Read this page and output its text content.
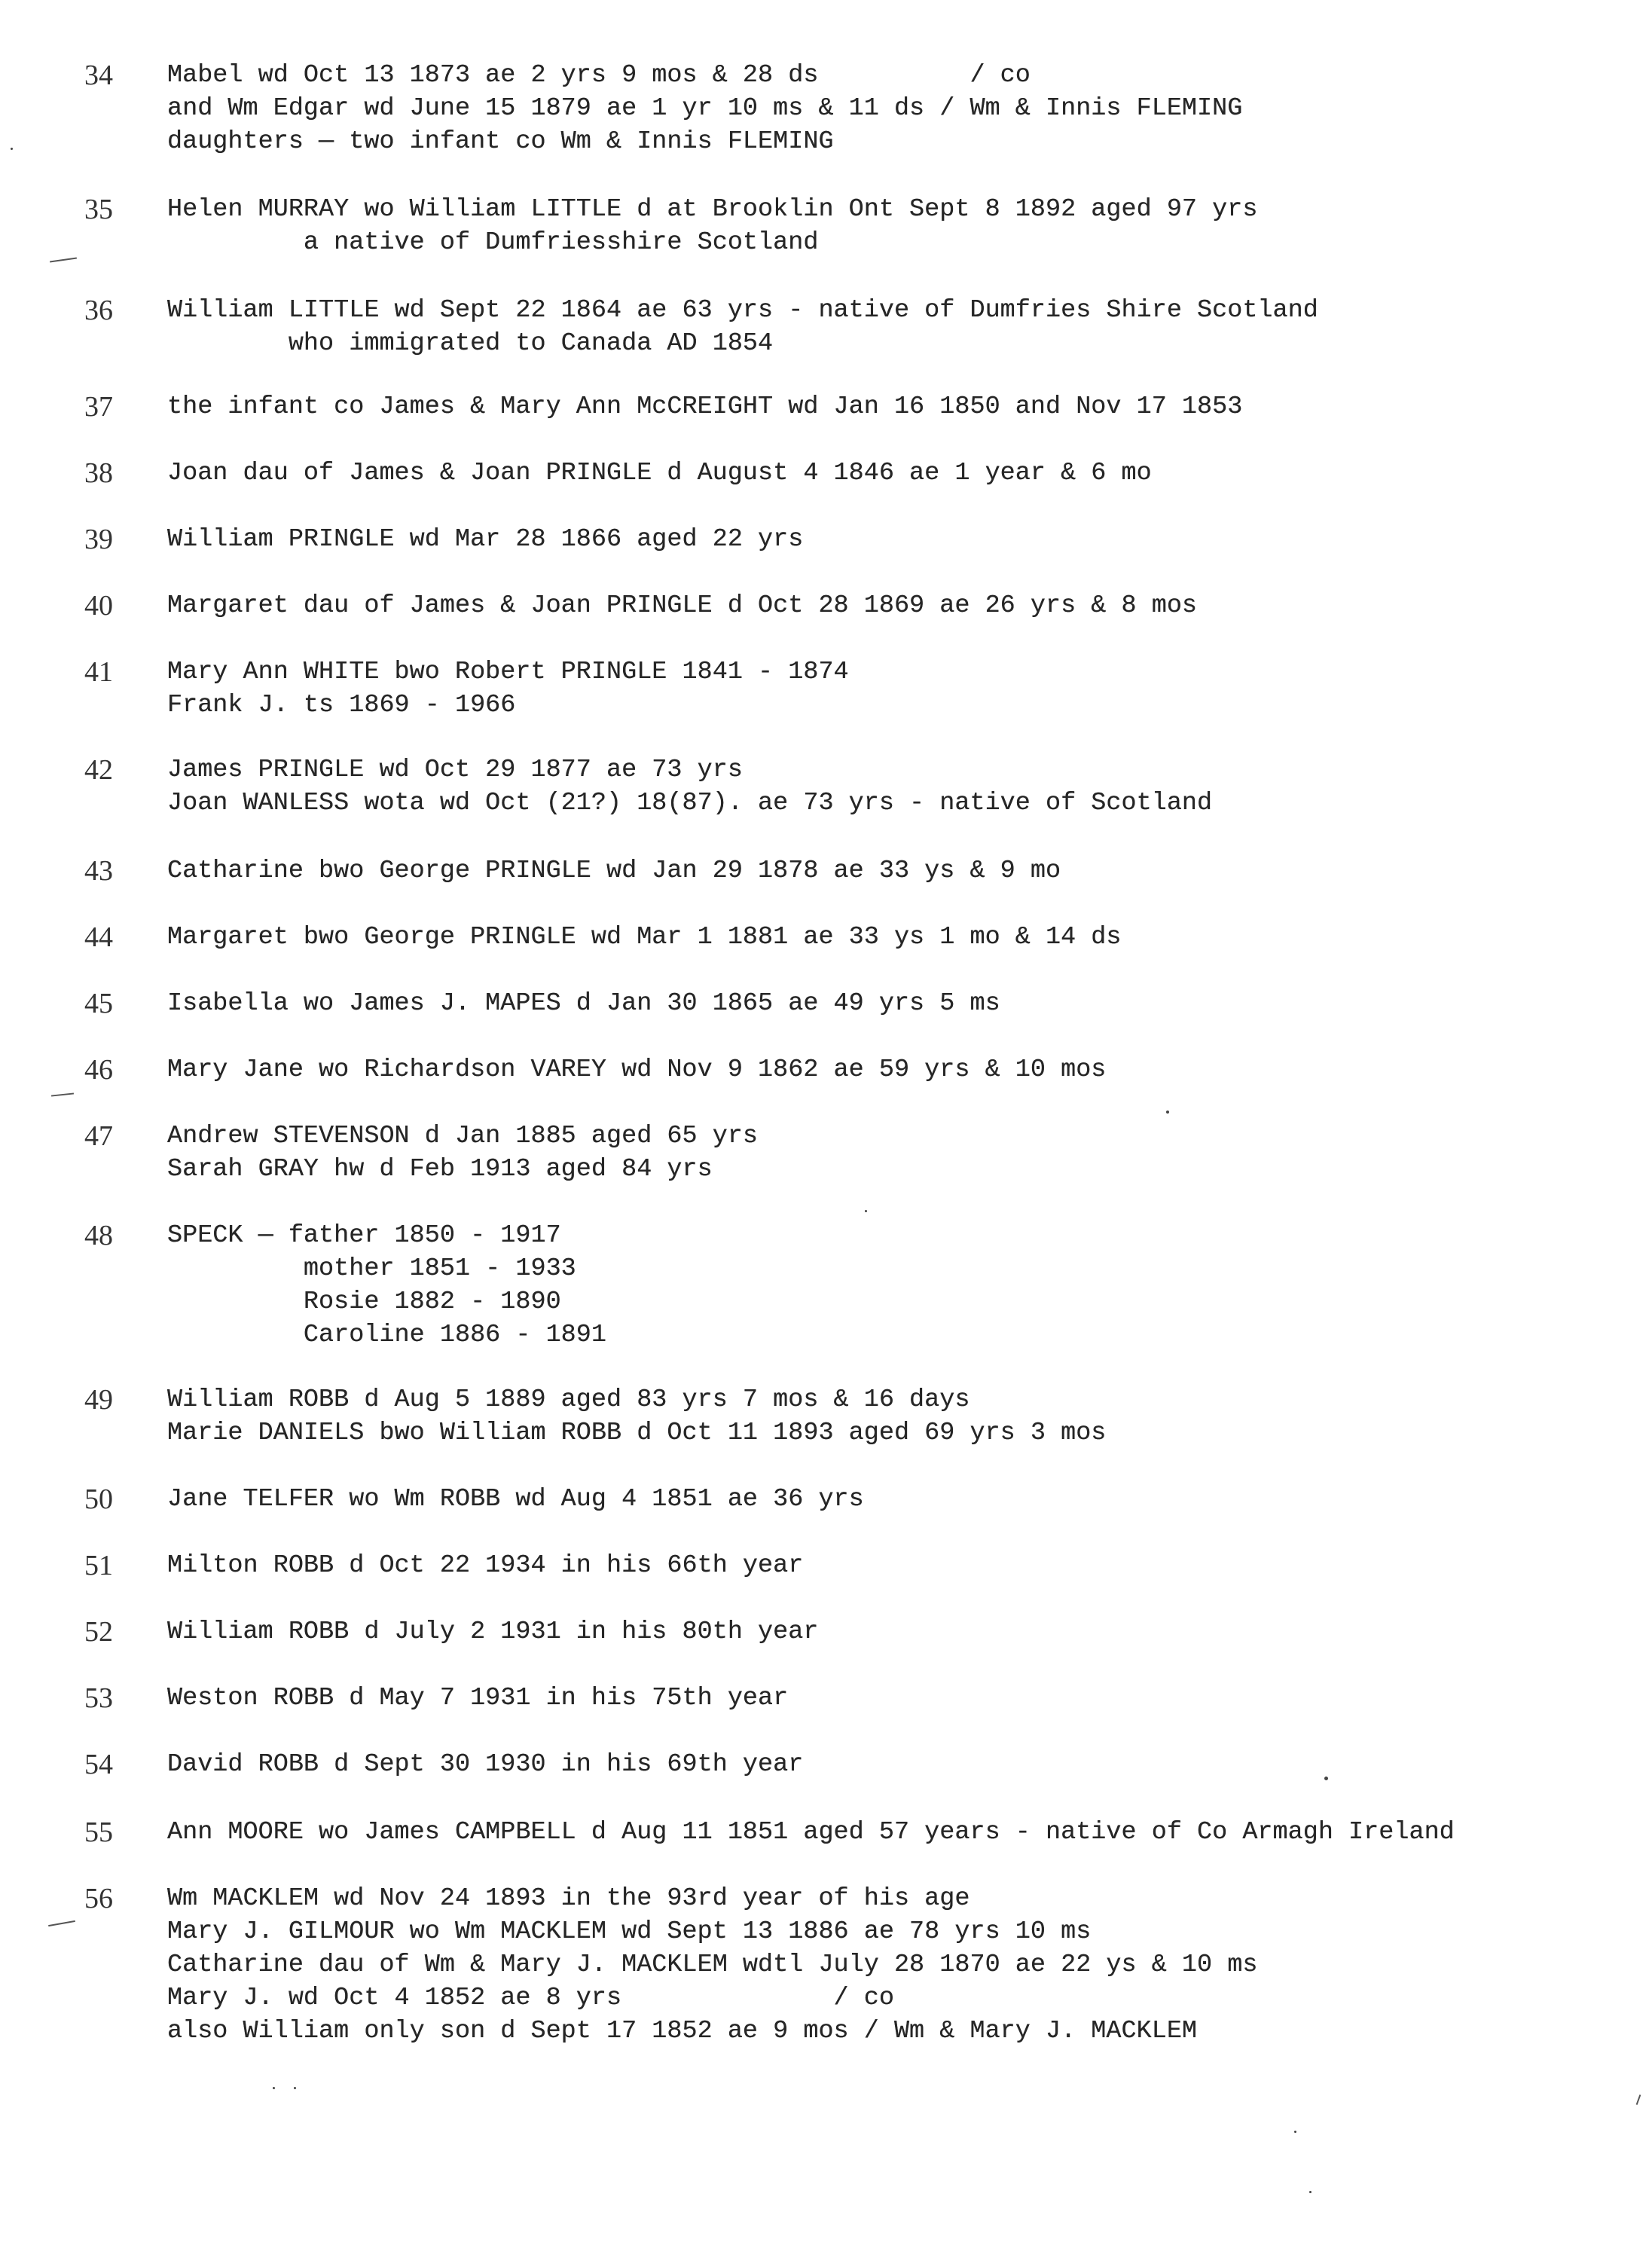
34	Mabel wd Oct 13 1873 ae 2 yrs 9 mos & 28 ds          / co
and Wm Edgar wd June 15 1879 ae 1 yr 10 ms & 11 ds / Wm & Innis FLEMING
daughters — two infant co Wm & Innis FLEMING
35	Helen MURRAY wo William LITTLE d at Brooklin Ont Sept 8 1892 aged 97 yrs
a native of Dumfriesshire Scotland
36	William LITTLE wd Sept 22 1864 ae 63 yrs - native of Dumfries Shire Scotland
who immigrated to Canada AD 1854
37	the infant co James & Mary Ann McCREIGHT wd Jan 16 1850 and Nov 17 1853
38	Joan dau of James & Joan PRINGLE d August 4 1846 ae 1 year & 6 mo
39	William PRINGLE wd Mar 28 1866 aged 22 yrs
40	Margaret dau of James & Joan PRINGLE d Oct 28 1869 ae 26 yrs & 8 mos
41	Mary Ann WHITE bwo Robert PRINGLE 1841 - 1874
Frank J. ts 1869 - 1966
42	James PRINGLE wd Oct 29 1877 ae 73 yrs
Joan WANLESS wota wd Oct (21?) 18(87). ae 73 yrs - native of Scotland
43	Catharine bwo George PRINGLE wd Jan 29 1878 ae 33 ys & 9 mo
44	Margaret bwo George PRINGLE wd Mar 1 1881 ae 33 ys 1 mo & 14 ds
45	Isabella wo James J. MAPES d Jan 30 1865 ae 49 yrs 5 ms
46	Mary Jane wo Richardson VAREY wd Nov 9 1862 ae 59 yrs & 10 mos
47	Andrew STEVENSON d Jan 1885 aged 65 yrs
Sarah GRAY hw d Feb 1913 aged 84 yrs
48	SPECK — father 1850 - 1917
mother 1851 - 1933
Rosie 1882 - 1890
Caroline 1886 - 1891
49	William ROBB d Aug 5 1889 aged 83 yrs 7 mos & 16 days
Marie DANIELS bwo William ROBB d Oct 11 1893 aged 69 yrs 3 mos
50	Jane TELFER wo Wm ROBB wd Aug 4 1851 ae 36 yrs
51	Milton ROBB d Oct 22 1934 in his 66th year
52	William ROBB d July 2 1931 in his 80th year
53	Weston ROBB d May 7 1931 in his 75th year
54	David ROBB d Sept 30 1930 in his 69th year
55	Ann MOORE wo James CAMPBELL d Aug 11 1851 aged 57 years - native of Co Armagh Ireland
56	Wm MACKLEM wd Nov 24 1893 in the 93rd year of his age
Mary J. GILMOUR wo Wm MACKLEM wd Sept 13 1886 ae 78 yrs 10 ms
Catharine dau of Wm & Mary J. MACKLEM wdtl July 28 1870 ae 22 ys & 10 ms
Mary J. wd Oct 4 1852 ae 8 yrs              / co
also William only son d Sept 17 1852 ae 9 mos / Wm & Mary J. MACKLEM
